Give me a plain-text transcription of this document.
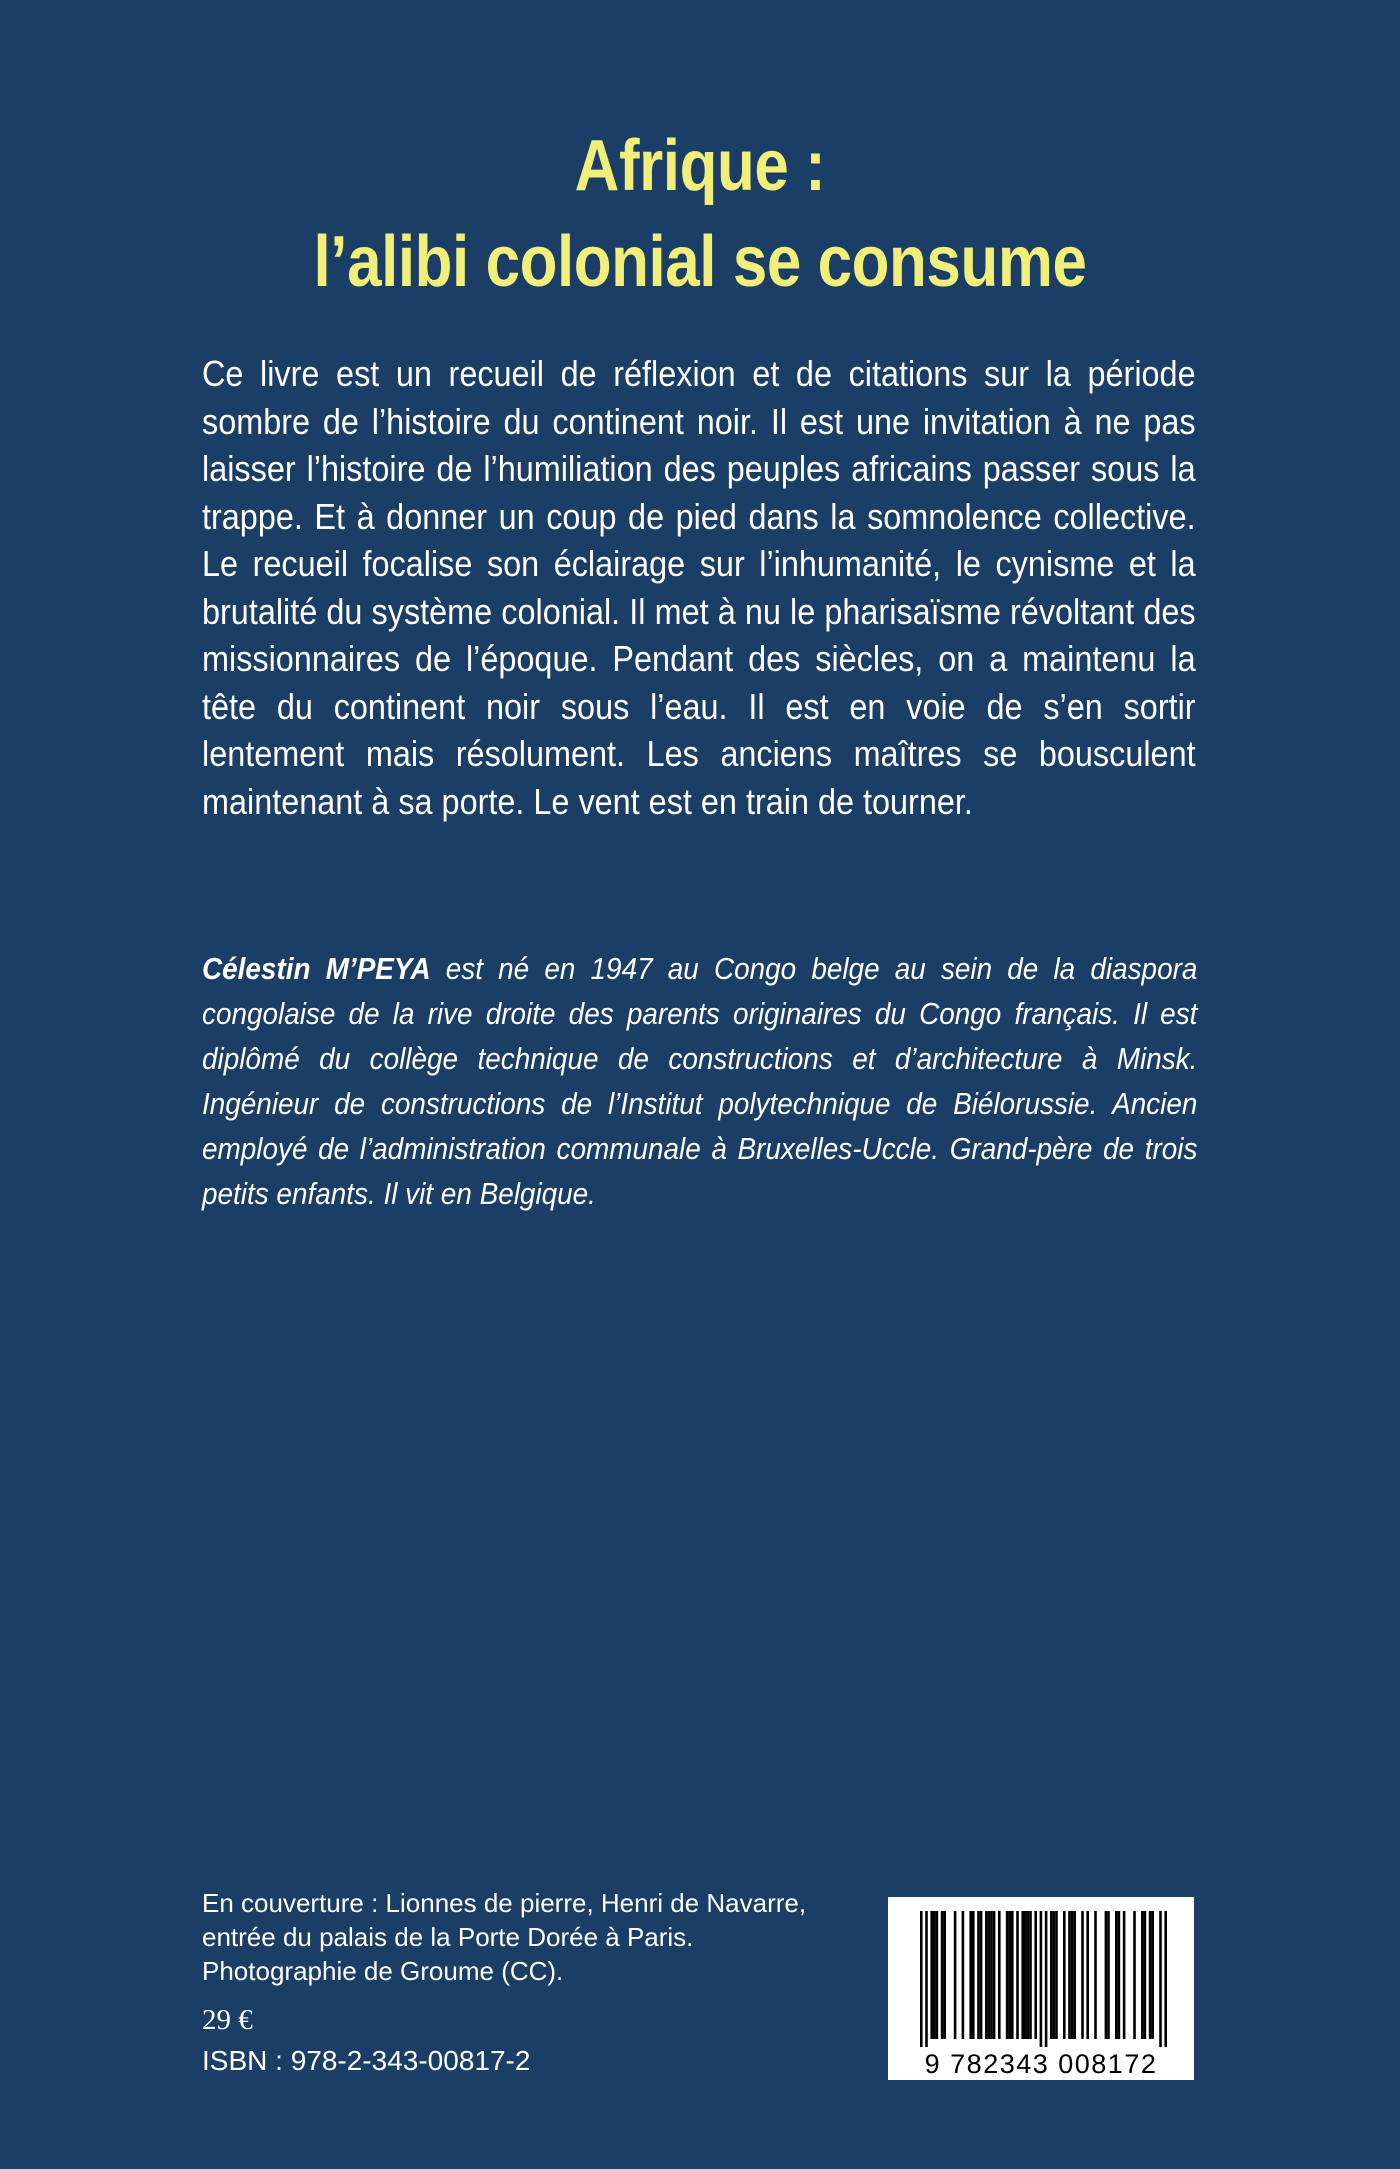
Afrique :
l’alibi colonial se consume

Ce livre est un recueil de réflexion et de citations sur la période sombre de l’histoire du continent noir. Il est une invitation à ne pas laisser l’histoire de l’humiliation des peuples africains passer sous la trappe. Et à donner un coup de pied dans la somnolence collective. Le recueil focalise son éclairage sur l’inhumanité, le cynisme et la brutalité du système colonial. Il met à nu le pharisaïsme révoltant des missionnaires de l’époque. Pendant des siècles, on a maintenu la tête du continent noir sous l’eau. Il est en voie de s’en sortir lentement mais résolument. Les anciens maîtres se bousculent maintenant à sa porte. Le vent est en train de tourner.

Célestin M’PEYA est né en 1947 au Congo belge au sein de la diaspora congolaise de la rive droite des parents originaires du Congo français. Il est diplômé du collège technique de constructions et d’architecture à Minsk. Ingénieur de constructions de l’Institut polytechnique de Biélorussie. Ancien employé de l’administration communale à Bruxelles-Uccle. Grand-père de trois petits enfants. Il vit en Belgique.

En couverture : Lionnes de pierre, Henri de Navarre,
entrée du palais de la Porte Dorée à Paris.
Photographie de Groume (CC).
29 €
ISBN : 978-2-343-00817-2	9 782343 008172
